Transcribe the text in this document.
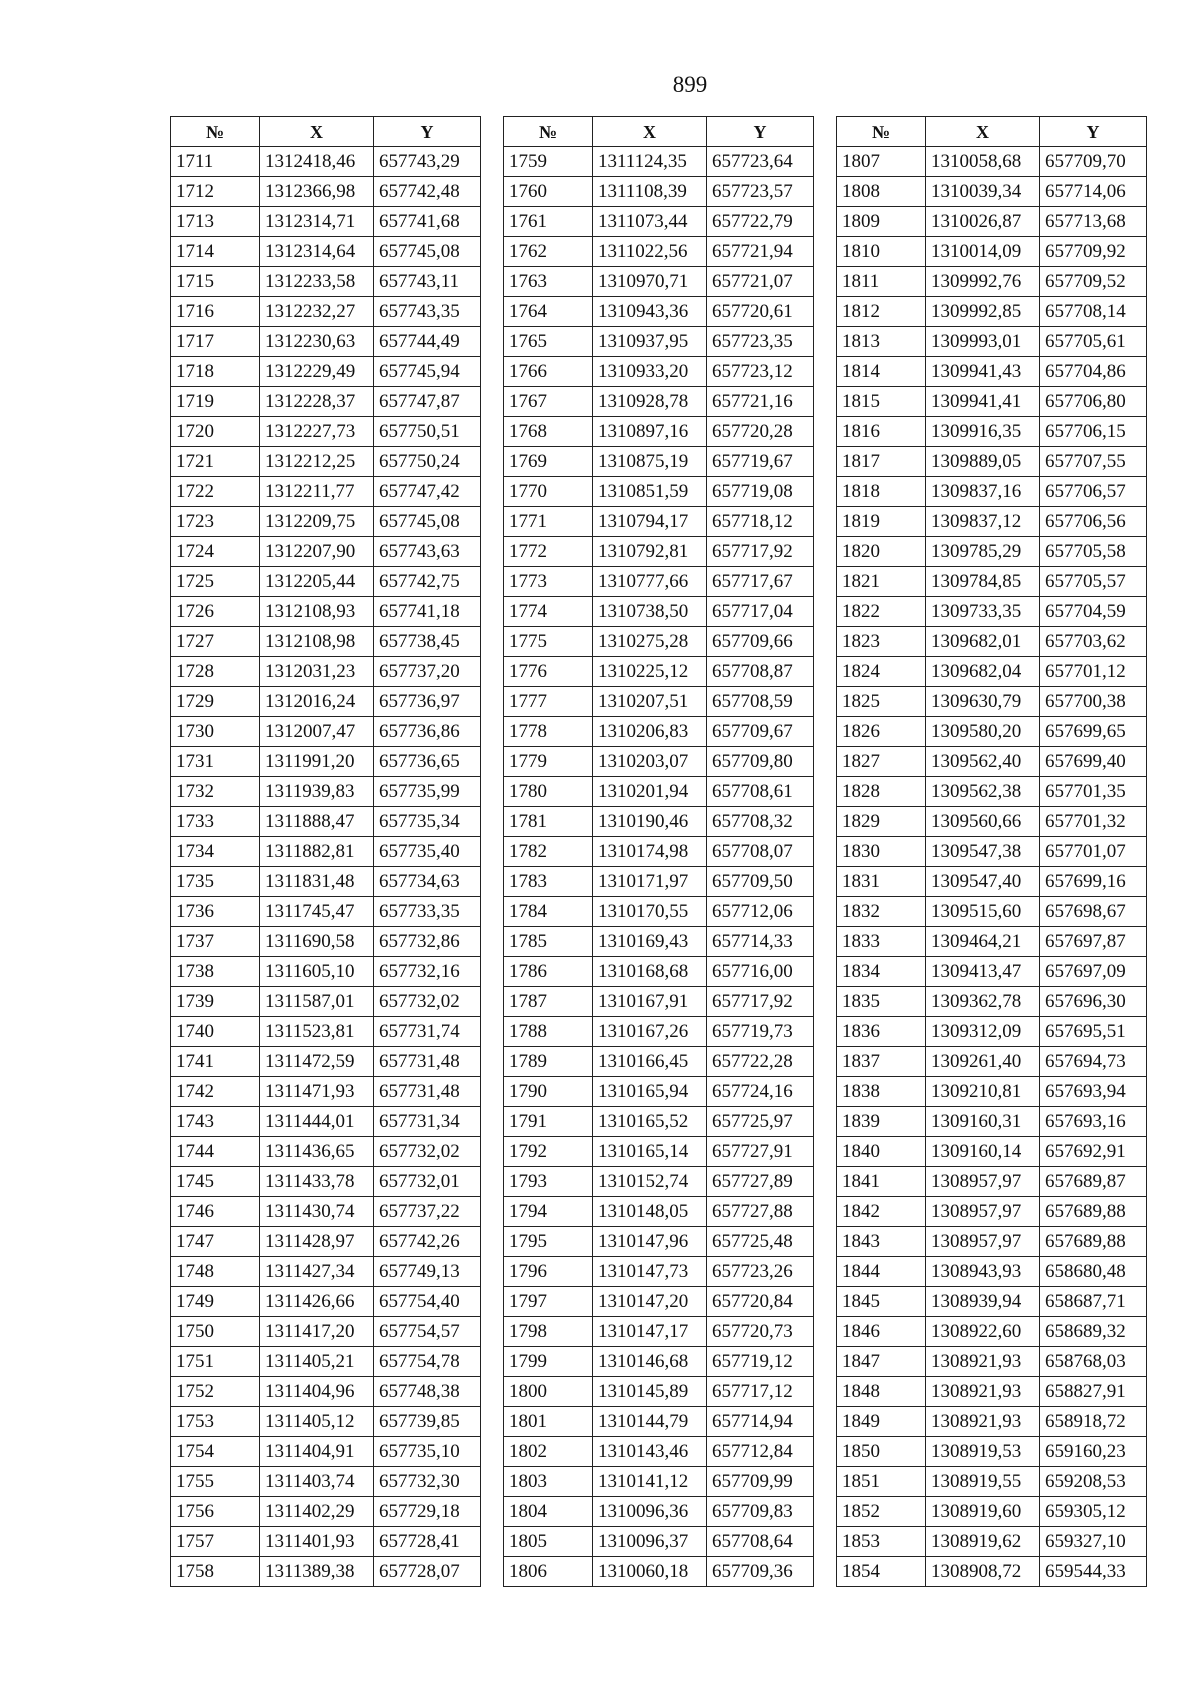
899
№	X	Y
1711	1312418,46	657743,29
1712	1312366,98	657742,48
1713	1312314,71	657741,68
1714	1312314,64	657745,08
1715	1312233,58	657743,11
1716	1312232,27	657743,35
1717	1312230,63	657744,49
1718	1312229,49	657745,94
1719	1312228,37	657747,87
1720	1312227,73	657750,51
1721	1312212,25	657750,24
1722	1312211,77	657747,42
1723	1312209,75	657745,08
1724	1312207,90	657743,63
1725	1312205,44	657742,75
1726	1312108,93	657741,18
1727	1312108,98	657738,45
1728	1312031,23	657737,20
1729	1312016,24	657736,97
1730	1312007,47	657736,86
1731	1311991,20	657736,65
1732	1311939,83	657735,99
1733	1311888,47	657735,34
1734	1311882,81	657735,40
1735	1311831,48	657734,63
1736	1311745,47	657733,35
1737	1311690,58	657732,86
1738	1311605,10	657732,16
1739	1311587,01	657732,02
1740	1311523,81	657731,74
1741	1311472,59	657731,48
1742	1311471,93	657731,48
1743	1311444,01	657731,34
1744	1311436,65	657732,02
1745	1311433,78	657732,01
1746	1311430,74	657737,22
1747	1311428,97	657742,26
1748	1311427,34	657749,13
1749	1311426,66	657754,40
1750	1311417,20	657754,57
1751	1311405,21	657754,78
1752	1311404,96	657748,38
1753	1311405,12	657739,85
1754	1311404,91	657735,10
1755	1311403,74	657732,30
1756	1311402,29	657729,18
1757	1311401,93	657728,41
1758	1311389,38	657728,07
№	X	Y
1759	1311124,35	657723,64
1760	1311108,39	657723,57
1761	1311073,44	657722,79
1762	1311022,56	657721,94
1763	1310970,71	657721,07
1764	1310943,36	657720,61
1765	1310937,95	657723,35
1766	1310933,20	657723,12
1767	1310928,78	657721,16
1768	1310897,16	657720,28
1769	1310875,19	657719,67
1770	1310851,59	657719,08
1771	1310794,17	657718,12
1772	1310792,81	657717,92
1773	1310777,66	657717,67
1774	1310738,50	657717,04
1775	1310275,28	657709,66
1776	1310225,12	657708,87
1777	1310207,51	657708,59
1778	1310206,83	657709,67
1779	1310203,07	657709,80
1780	1310201,94	657708,61
1781	1310190,46	657708,32
1782	1310174,98	657708,07
1783	1310171,97	657709,50
1784	1310170,55	657712,06
1785	1310169,43	657714,33
1786	1310168,68	657716,00
1787	1310167,91	657717,92
1788	1310167,26	657719,73
1789	1310166,45	657722,28
1790	1310165,94	657724,16
1791	1310165,52	657725,97
1792	1310165,14	657727,91
1793	1310152,74	657727,89
1794	1310148,05	657727,88
1795	1310147,96	657725,48
1796	1310147,73	657723,26
1797	1310147,20	657720,84
1798	1310147,17	657720,73
1799	1310146,68	657719,12
1800	1310145,89	657717,12
1801	1310144,79	657714,94
1802	1310143,46	657712,84
1803	1310141,12	657709,99
1804	1310096,36	657709,83
1805	1310096,37	657708,64
1806	1310060,18	657709,36
№	X	Y
1807	1310058,68	657709,70
1808	1310039,34	657714,06
1809	1310026,87	657713,68
1810	1310014,09	657709,92
1811	1309992,76	657709,52
1812	1309992,85	657708,14
1813	1309993,01	657705,61
1814	1309941,43	657704,86
1815	1309941,41	657706,80
1816	1309916,35	657706,15
1817	1309889,05	657707,55
1818	1309837,16	657706,57
1819	1309837,12	657706,56
1820	1309785,29	657705,58
1821	1309784,85	657705,57
1822	1309733,35	657704,59
1823	1309682,01	657703,62
1824	1309682,04	657701,12
1825	1309630,79	657700,38
1826	1309580,20	657699,65
1827	1309562,40	657699,40
1828	1309562,38	657701,35
1829	1309560,66	657701,32
1830	1309547,38	657701,07
1831	1309547,40	657699,16
1832	1309515,60	657698,67
1833	1309464,21	657697,87
1834	1309413,47	657697,09
1835	1309362,78	657696,30
1836	1309312,09	657695,51
1837	1309261,40	657694,73
1838	1309210,81	657693,94
1839	1309160,31	657693,16
1840	1309160,14	657692,91
1841	1308957,97	657689,87
1842	1308957,97	657689,88
1843	1308957,97	657689,88
1844	1308943,93	658680,48
1845	1308939,94	658687,71
1846	1308922,60	658689,32
1847	1308921,93	658768,03
1848	1308921,93	658827,91
1849	1308921,93	658918,72
1850	1308919,53	659160,23
1851	1308919,55	659208,53
1852	1308919,60	659305,12
1853	1308919,62	659327,10
1854	1308908,72	659544,33
